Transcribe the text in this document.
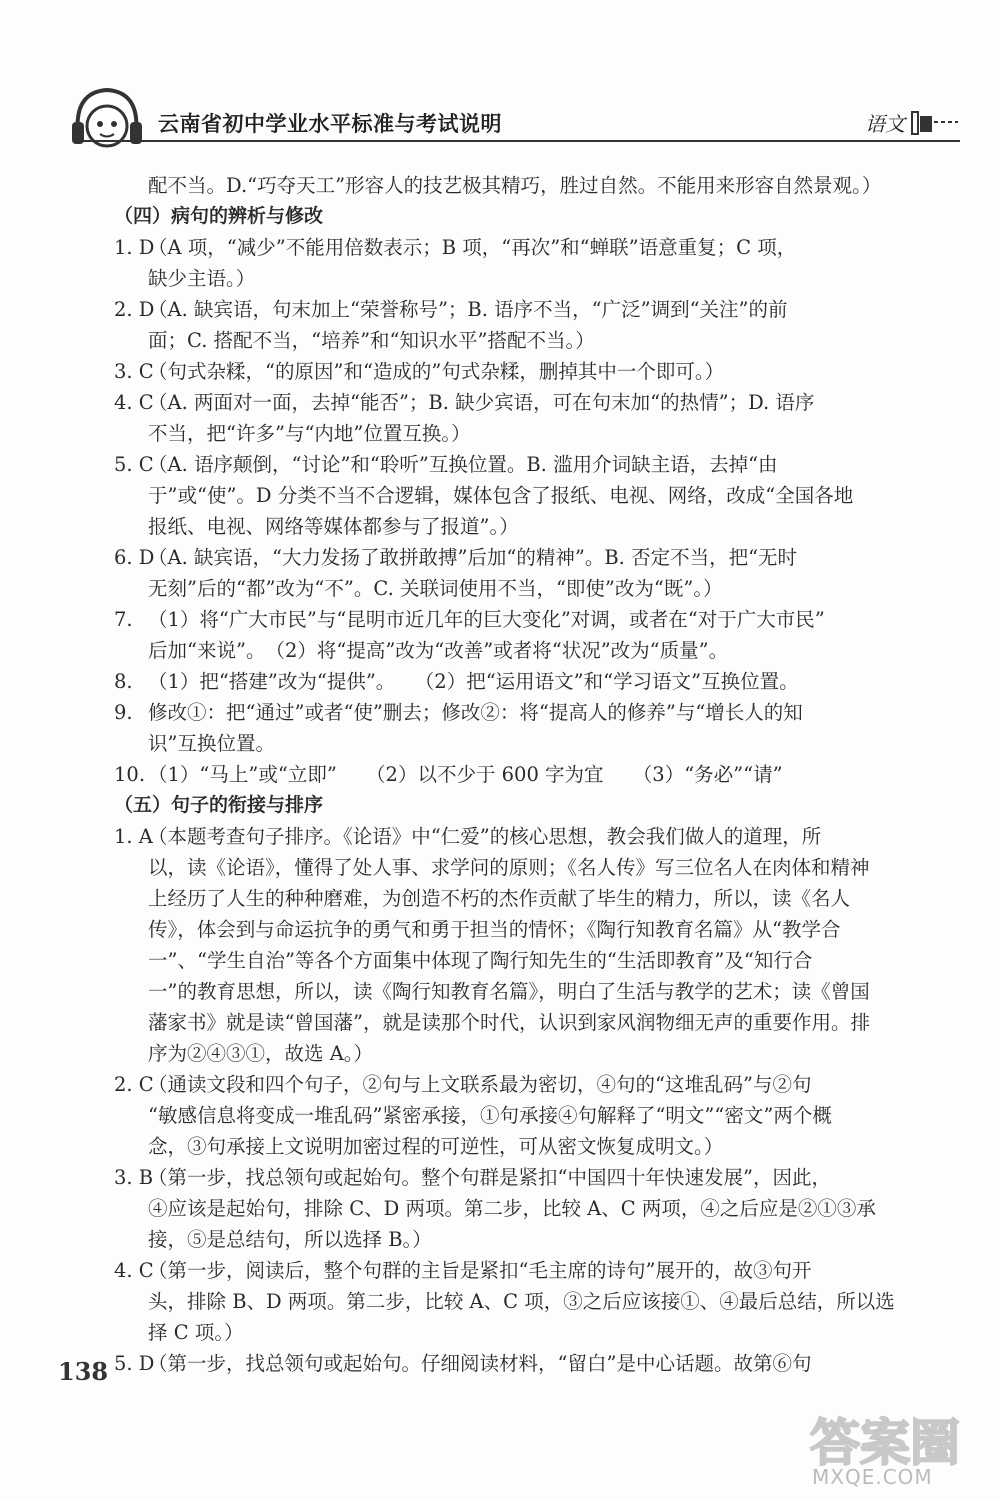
云南省初中学业水平标准与考试说明	语文
配不当。D.“巧夺天工”形容人的技艺极其精巧，胜过自然。不能用来形容自然景观。）
（四）病句的辨析与修改
1. D
（A 项，“减少”不能用倍数表示；B 项，“再次”和“蝉联”语意重复；C 项，
缺少主语。）
2. D
（A. 缺宾语，句末加上“荣誉称号”；B. 语序不当，“广泛”调到“关注”的前
面；C. 搭配不当，“培养”和“知识水平”搭配不当。）
3. C
（句式杂糅，“的原因”和“造成的”句式杂糅，删掉其中一个即可。）
4. C
（A. 两面对一面，去掉“能否”；B. 缺少宾语，可在句末加“的热情”；D. 语序
不当，把“许多”与“内地”位置互换。）
5. C
（A. 语序颠倒，“讨论”和“聆听”互换位置。B. 滥用介词缺主语，去掉“由
于”或“使”。D 分类不当不合逻辑，媒体包含了报纸、电视、网络，改成“全国各地
报纸、电视、网络等媒体都参与了报道”。）
6. D
（A. 缺宾语，“大力发扬了敢拼敢搏”后加“的精神”。B. 否定不当，把“无时
无刻”后的“都”改为“不”。C. 关联词使用不当，“即使”改为“既”。）
7. （1）将“广大市民”与“昆明市近几年的巨大变化”对调，或者在“对于广大市民”
后加“来说”。　（2）将“提高”改为“改善”或者将“状况”改为“质量”。
8. （1）把“搭建”改为“提供”。　　（2）把“运用语文”和“学习语文”互换位置。
9. 修改①：把“通过”或者“使”删去；修改②：将“提高人的修养”与“增长人的知
识”互换位置。
10. （1）“马上”或“立即”　　（2）以不少于 600 字为宜　　（3）“务必”“请”
（五）句子的衔接与排序
1. A
（本题考查句子排序。《论语》中“仁爱”的核心思想，教会我们做人的道理，所
以，读《论语》，懂得了处人事、求学问的原则；《名人传》写三位名人在肉体和精神
上经历了人生的种种磨难，为创造不朽的杰作贡献了毕生的精力，所以，读《名人
传》，体会到与命运抗争的勇气和勇于担当的情怀；《陶行知教育名篇》从“教学合
一”、“学生自治”等各个方面集中体现了陶行知先生的“生活即教育”及“知行合
一”的教育思想，所以，读《陶行知教育名篇》，明白了生活与教学的艺术；读《曾国
藩家书》就是读“曾国藩”，就是读那个时代，认识到家风润物细无声的重要作用。排
序为②④③①，故选 A。）
2. C
（通读文段和四个句子，②句与上文联系最为密切，④句的“这堆乱码”与②句
“敏感信息将变成一堆乱码”紧密承接，①句承接④句解释了“明文”“密文”两个概
念，③句承接上文说明加密过程的可逆性，可从密文恢复成明文。）
3. B
（第一步，找总领句或起始句。整个句群是紧扣“中国四十年快速发展”，因此，
④应该是起始句，排除 C、D 两项。第二步，比较 A、C 两项，④之后应是②①③承
接，⑤是总结句，所以选择 B。）
4. C
（第一步，阅读后，整个句群的主旨是紧扣“毛主席的诗句”展开的，故③句开
头，排除 B、D 两项。第二步，比较 A、C 项，③之后应该接①、④最后总结，所以选
择 C 项。）
5. D
（第一步，找总领句或起始句。仔细阅读材料，“留白”是中心话题。故第⑥句
138
答案圈
MXQE.COM
